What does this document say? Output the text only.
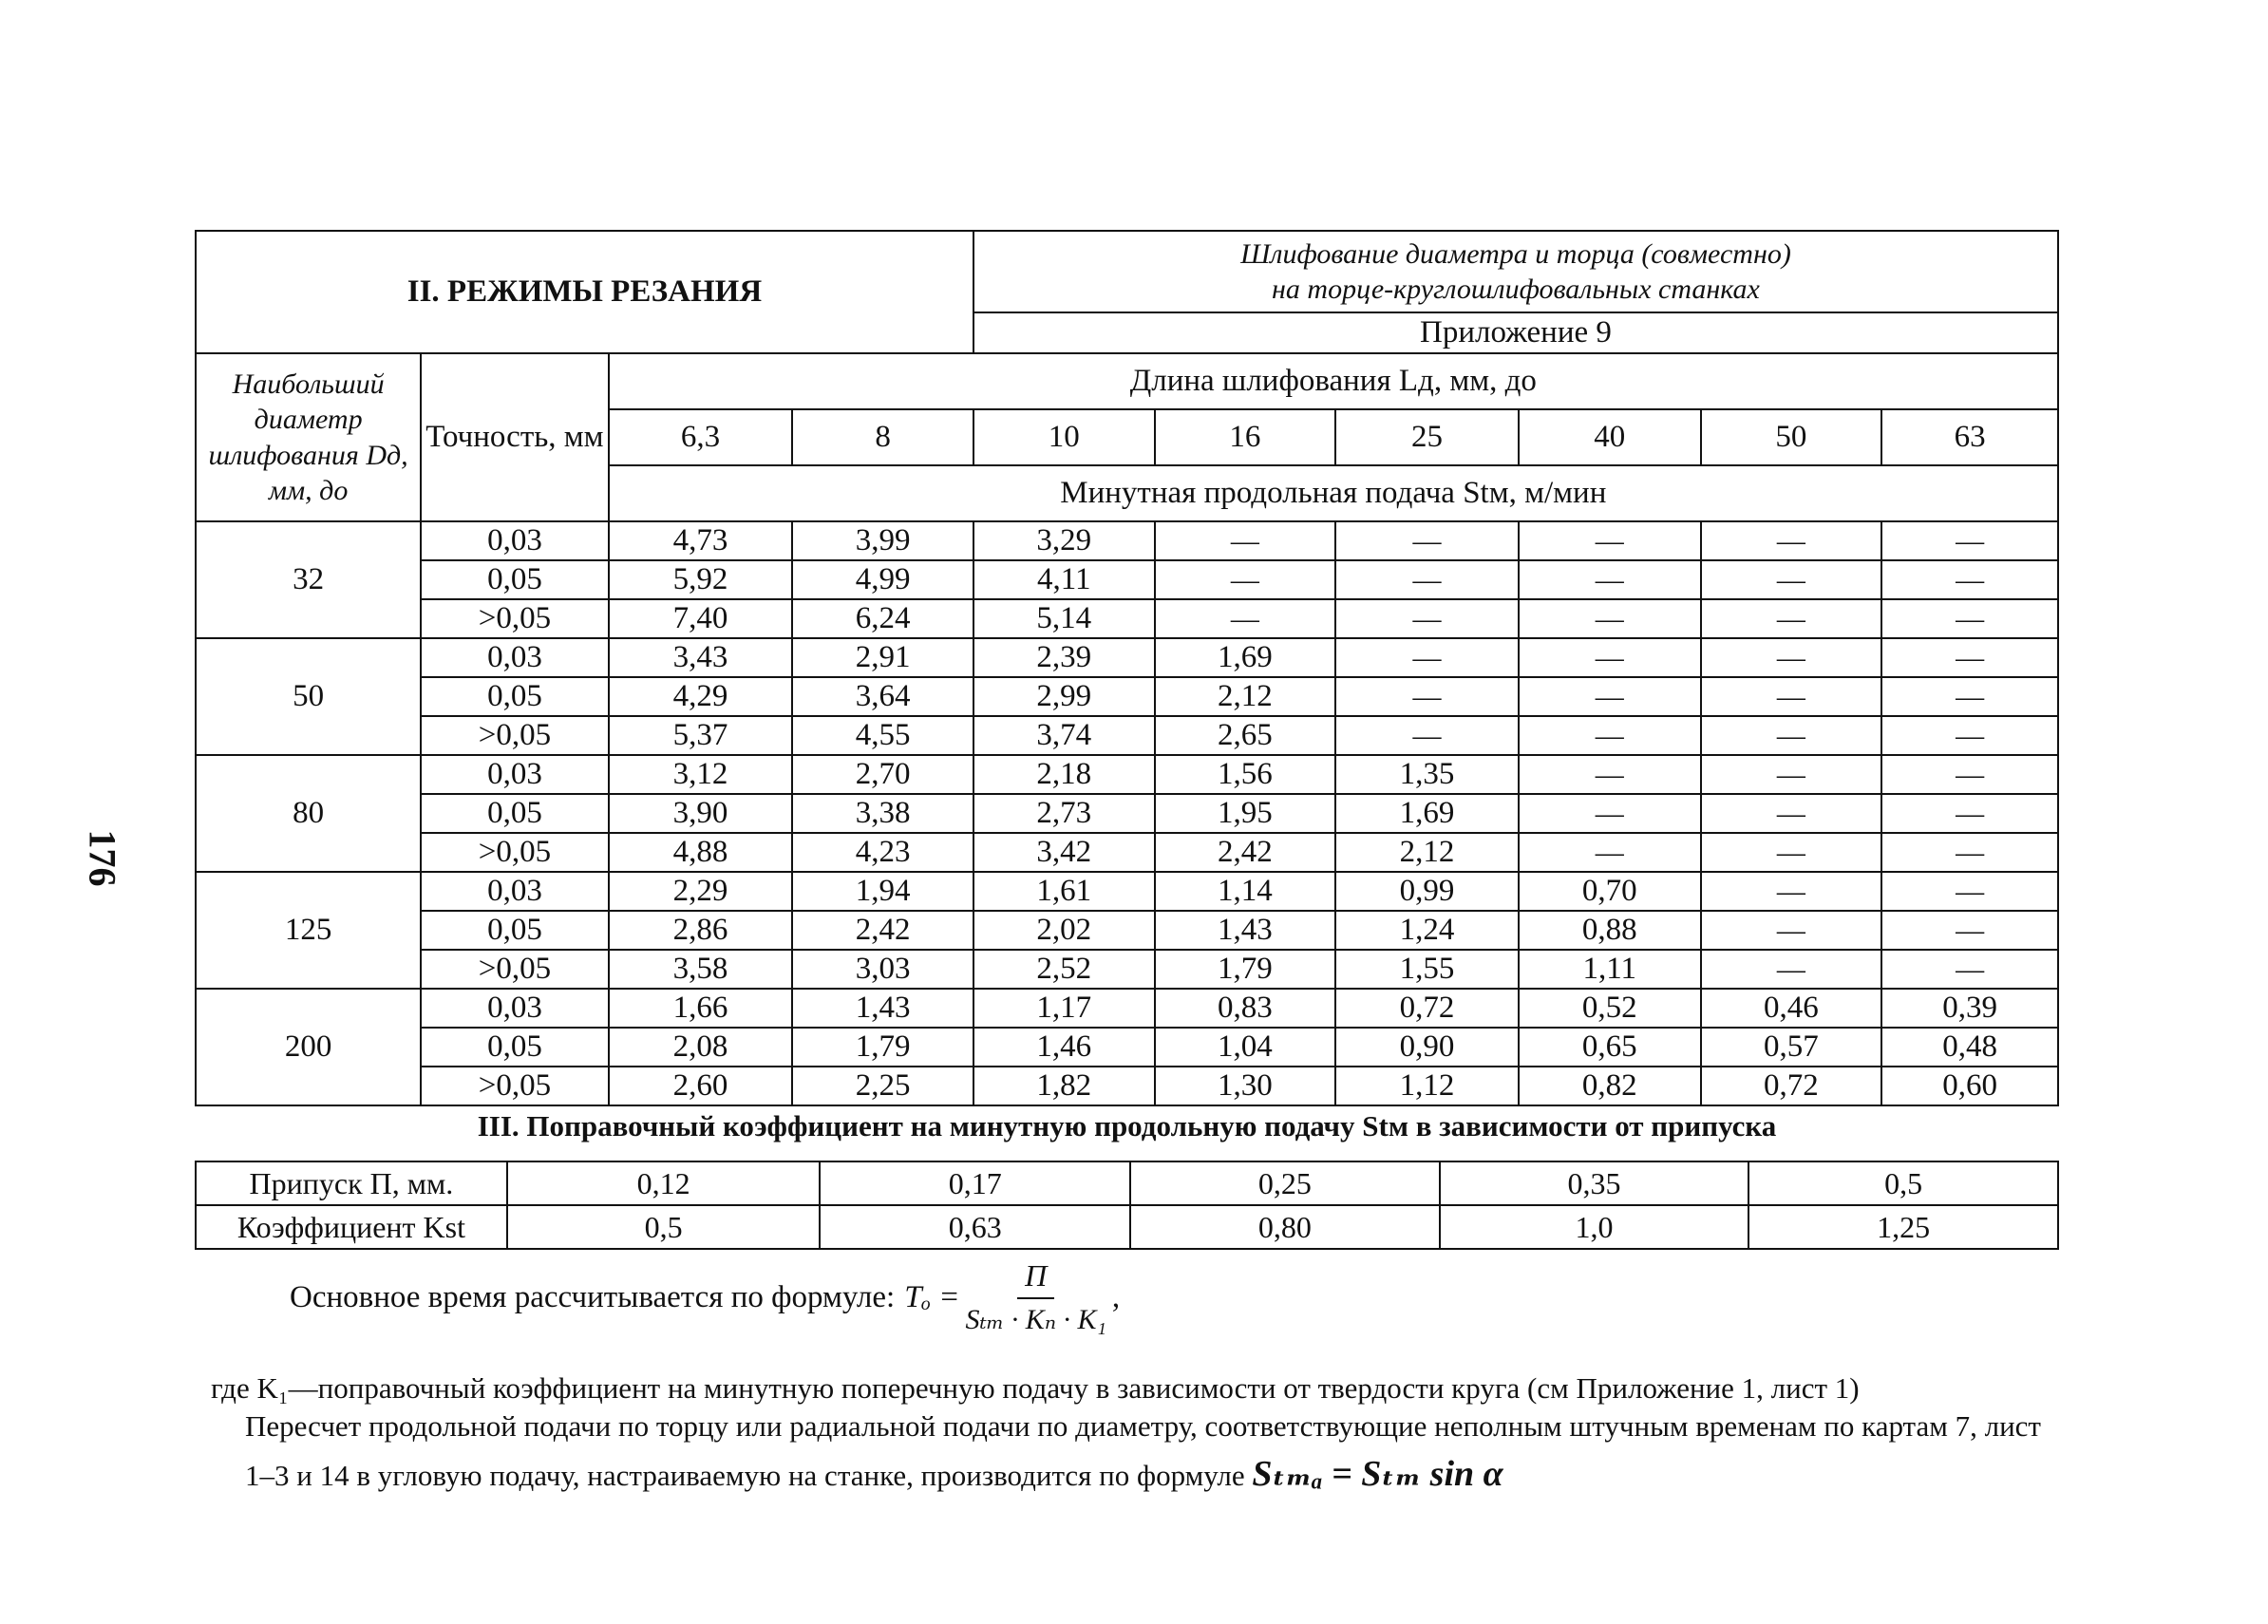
176
II. РЕЖИМЫ РЕЗАНИЯ				Шлифование диаметра и торца (совместно)
на торце-круглошлифовальных станках					

				Приложение 9					
Наибольший диаметр шлифования Dд, мм, до	Точность, мм	Длина шлифования Lд, мм, до							
		6,3	8	10	16	25	40	50	63
		Минутная продольная подача Stм, м/мин							
32	0,03	4,73	3,99	3,29	—	—	—	—	—
	0,05	5,92	4,99	4,11	—	—	—	—	—
	>0,05	7,40	6,24	5,14	—	—	—	—	—
50	0,03	3,43	2,91	2,39	1,69	—	—	—	—
	0,05	4,29	3,64	2,99	2,12	—	—	—	—
	>0,05	5,37	4,55	3,74	2,65	—	—	—	—
80	0,03	3,12	2,70	2,18	1,56	1,35	—	—	—
	0,05	3,90	3,38	2,73	1,95	1,69	—	—	—
	>0,05	4,88	4,23	3,42	2,42	2,12	—	—	—
125	0,03	2,29	1,94	1,61	1,14	0,99	0,70	—	—
	0,05	2,86	2,42	2,02	1,43	1,24	0,88	—	—
	>0,05	3,58	3,03	2,52	1,79	1,55	1,11	—	—
200	0,03	1,66	1,43	1,17	0,83	0,72	0,52	0,46	0,39
	0,05	2,08	1,79	1,46	1,04	0,90	0,65	0,57	0,48
	>0,05	2,60	2,25	1,82	1,30	1,12	0,82	0,72	0,60
III. Поправочный коэффициент на минутную продольную подачу Stм в зависимости от припуска
Припуск П, мм.	0,12	0,17	0,25	0,35	0,5
Коэффициент Kst	0,5	0,63	0,80	1,0	1,25
Основное время рассчитывается по формуле: $T_o = \frac{П}{\text{Sₜₘ · Kₙ · K₁}}$ ,
где K₁—поправочный коэффициент на минутную поперечную подачу в зависимости от твердости круга (см Приложение 1, лист 1)
Пересчет продольной подачи по торцу или радиальной подачи по диаметру, соответствующие неполным штучным временам по картам 7, лист 1–3 и 14 в угловую подачу, настраиваемую на станке, производится по формуле Sₜₘₐ = Sₜₘ sin α
